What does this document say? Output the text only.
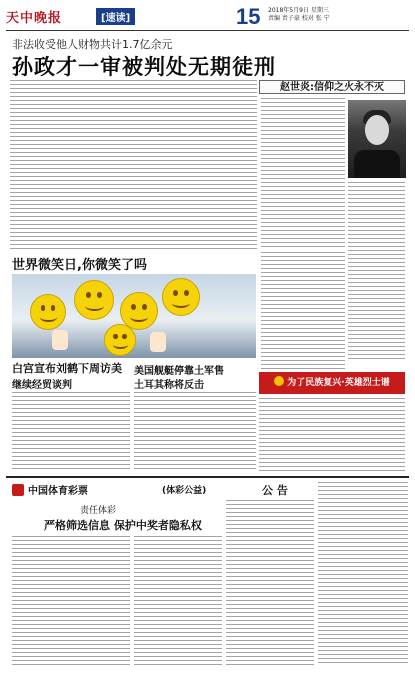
天中晚报	[速读]	15 2018年5月9日 星期三
责编 责子豪 校对 张 宁
非法收受他人财物共计1.7亿余元
孙政才一审被判处无期徒刑
赵世炎:信仰之火永不灭
为了民族复兴·英雄烈士谱
世界微笑日,你微笑了吗
白宫宣布刘鹤下周访美
继续经贸谈判
美国舰艇停靠土军售
土耳其称将反击
中国体育彩票	(体彩公益)
责任体彩
严格筛选信息 保护中奖者隐私权
公 告
